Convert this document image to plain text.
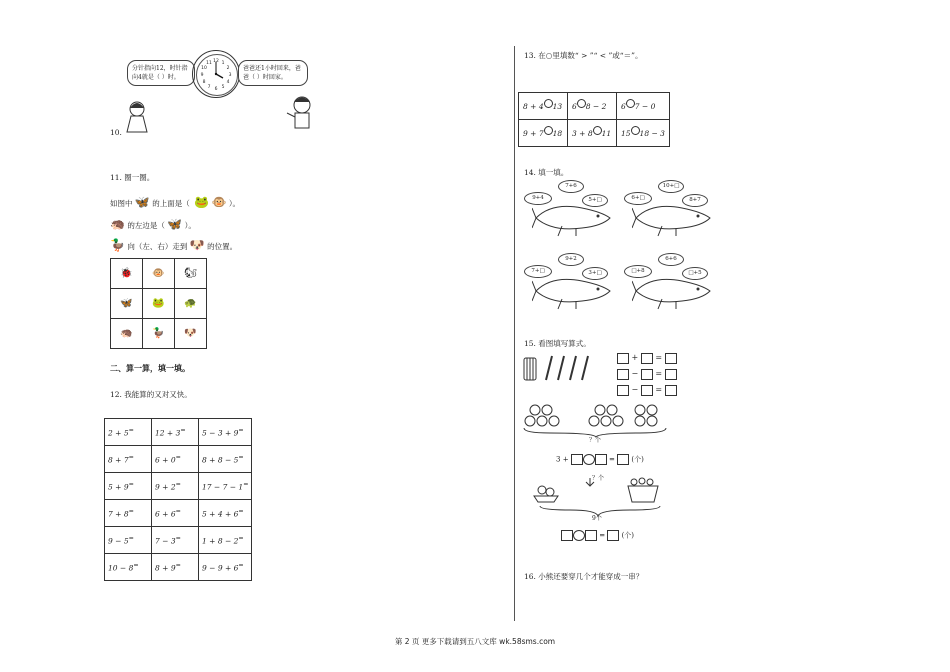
分针指向12，时针指向4就是（ ）时。
12 1
2
3
4
5
6
7
8
9
10
11
爸爸还1小时回来，爸爸（ ）时回家。
10.
11. 圈一圈。
如图中 🦋 的上面是（ 🐸 🐵 ）。
🦔 的左边是（ 🦋 ）。
🦆 向（左、右）走到 🐶 的位置。
🐞	🐵	🐿
🦋	🐸	🐢
🦔	🦆	🐶
二、算一算，填一填。
12. 我能算的又对又快。
2 + 5=	12 + 3=	5 − 3 + 9=
8 + 7=	6 + 0=	8 + 8 − 5=
5 + 9=	9 + 2=	17 − 7 − 1=
7 + 8=	6 + 6=	5 + 4 + 6=
9 − 5=	7 − 3=	1 + 8 − 2=
10 − 8=	8 + 9=	9 − 9 + 6=
13. 在○里填数“ > ”“ < ”或“＝”。
8 + 4 13	6 8 − 2	6 7 − 0
9 + 7 18	3 + 8 11	15 18 − 3
14. 填一填。
7+6
9+4	5+□
10+□
6+□	8+7
9+2
7+□	3+□
6+6
□+8	□+5
15. 看图填写算式。
+ =
− =
− =
？个
3 +	= (个)
？个
9个
= (个)
16. 小熊还要穿几个才能穿成一串？
第 2 页 更多下载请到五八文库 wk.58sms.com
